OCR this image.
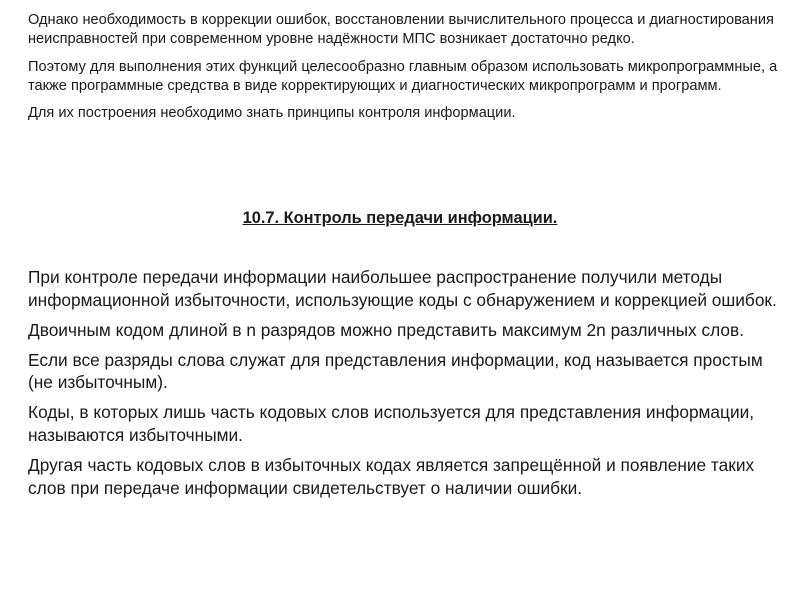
Однако необходимость в коррекции ошибок, восстановлении вычислительного процесса и диагностирования неисправностей при современном уровне надёжности МПС возникает достаточно редко.

Поэтому для выполнения этих функций целесообразно главным образом использовать микропрограммные, а также программные средства в виде корректирующих и диагностических микропрограмм и программ.

Для их построения необходимо знать принципы контроля информации.

10.7. Контроль передачи информации.

При контроле передачи информации наибольшее распространение получили методы информационной избыточности, использующие коды с обнаружением и коррекцией ошибок.

Двоичным кодом длиной в n разрядов можно представить максимум 2n различных слов.

Если все разряды слова служат для представления информации, код называется простым (не избыточным).

Коды, в которых лишь часть кодовых слов используется для представления информации, называются избыточными.

Другая часть кодовых слов в избыточных кодах является запрещённой и появление таких слов при передаче информации свидетельствует о наличии ошибки.
